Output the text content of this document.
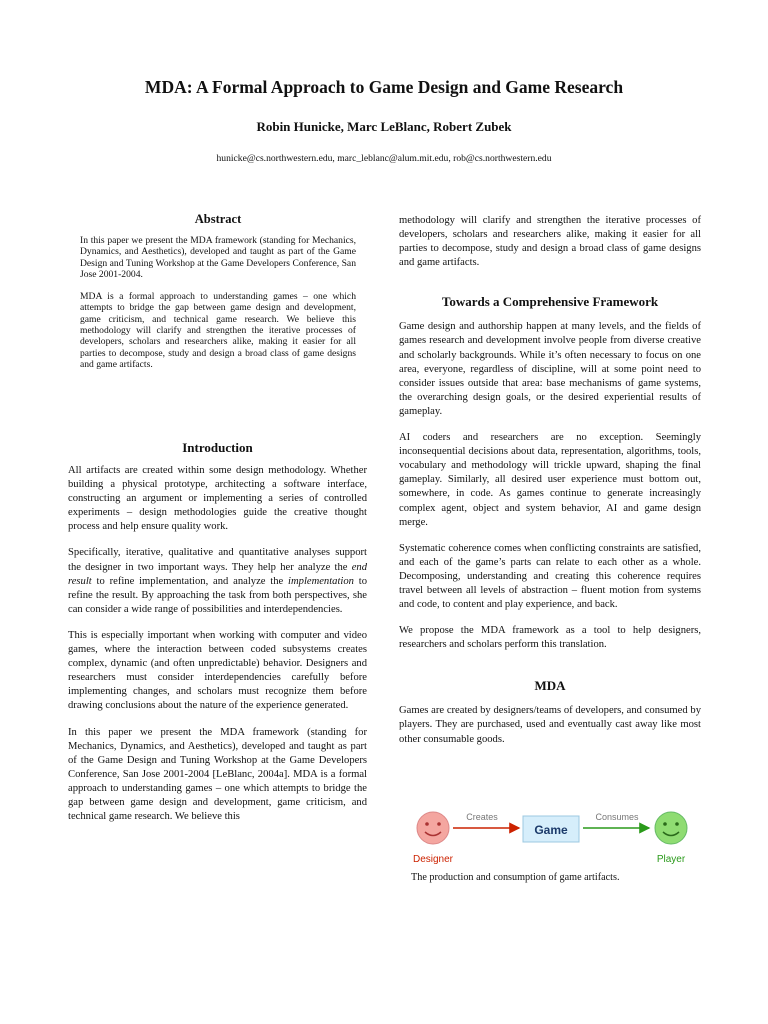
MDA: A Formal Approach to Game Design and Game Research
Robin Hunicke, Marc LeBlanc, Robert Zubek
hunicke@cs.northwestern.edu, marc_leblanc@alum.mit.edu, rob@cs.northwestern.edu
Abstract

In this paper we present the MDA framework (standing for Mechanics, Dynamics, and Aesthetics), developed and taught as part of the Game Design and Tuning Workshop at the Game Developers Conference, San Jose 2001-2004.

MDA is a formal approach to understanding games – one which attempts to bridge the gap between game design and development, game criticism, and technical game research. We believe this methodology will clarify and strengthen the iterative processes of developers, scholars and researchers alike, making it easier for all parties to decompose, study and design a broad class of game designs and game artifacts.

Introduction

All artifacts are created within some design methodology. Whether building a physical prototype, architecting a software interface, constructing an argument or implementing a series of controlled experiments – design methodologies guide the creative thought process and help ensure quality work.

Specifically, iterative, qualitative and quantitative analyses support the designer in two important ways. They help her analyze the end result to refine implementation, and analyze the implementation to refine the result. By approaching the task from both perspectives, she can consider a wide range of possibilities and interdependencies.

This is especially important when working with computer and video games, where the interaction between coded subsystems creates complex, dynamic (and often unpredictable) behavior. Designers and researchers must consider interdependencies carefully before implementing changes, and scholars must recognize them before drawing conclusions about the nature of the experience generated.

In this paper we present the MDA framework (standing for Mechanics, Dynamics, and Aesthetics), developed and taught as part of the Game Design and Tuning Workshop at the Game Developers Conference, San Jose 2001-2004 [LeBlanc, 2004a]. MDA is a formal approach to understanding games – one which attempts to bridge the gap between game design and development, game criticism, and technical game research. We believe this

methodology will clarify and strengthen the iterative processes of developers, scholars and researchers alike, making it easier for all parties to decompose, study and design a broad class of game designs and game artifacts.

Towards a Comprehensive Framework

Game design and authorship happen at many levels, and the fields of games research and development involve people from diverse creative and scholarly backgrounds. While it’s often necessary to focus on one area, everyone, regardless of discipline, will at some point need to consider issues outside that area: base mechanisms of game systems, the overarching design goals, or the desired experiential results of gameplay.

AI coders and researchers are no exception. Seemingly inconsequential decisions about data, representation, algorithms, tools, vocabulary and methodology will trickle upward, shaping the final gameplay. Similarly, all desired user experience must bottom out, somewhere, in code. As games continue to generate increasingly complex agent, object and system behavior, AI and game design merge.

Systematic coherence comes when conflicting constraints are satisfied, and each of the game’s parts can relate to each other as a whole. Decomposing, understanding and creating this coherence requires travel between all levels of abstraction – fluent motion from systems and code, to content and play experience, and back.

We propose the MDA framework as a tool to help designers, researchers and scholars perform this translation.

MDA

Games are created by designers/teams of developers, and consumed by players. They are purchased, used and eventually cast away like most other consumable goods.

Designer
Creates
Game
Consumes
Player
The production and consumption of game artifacts.
